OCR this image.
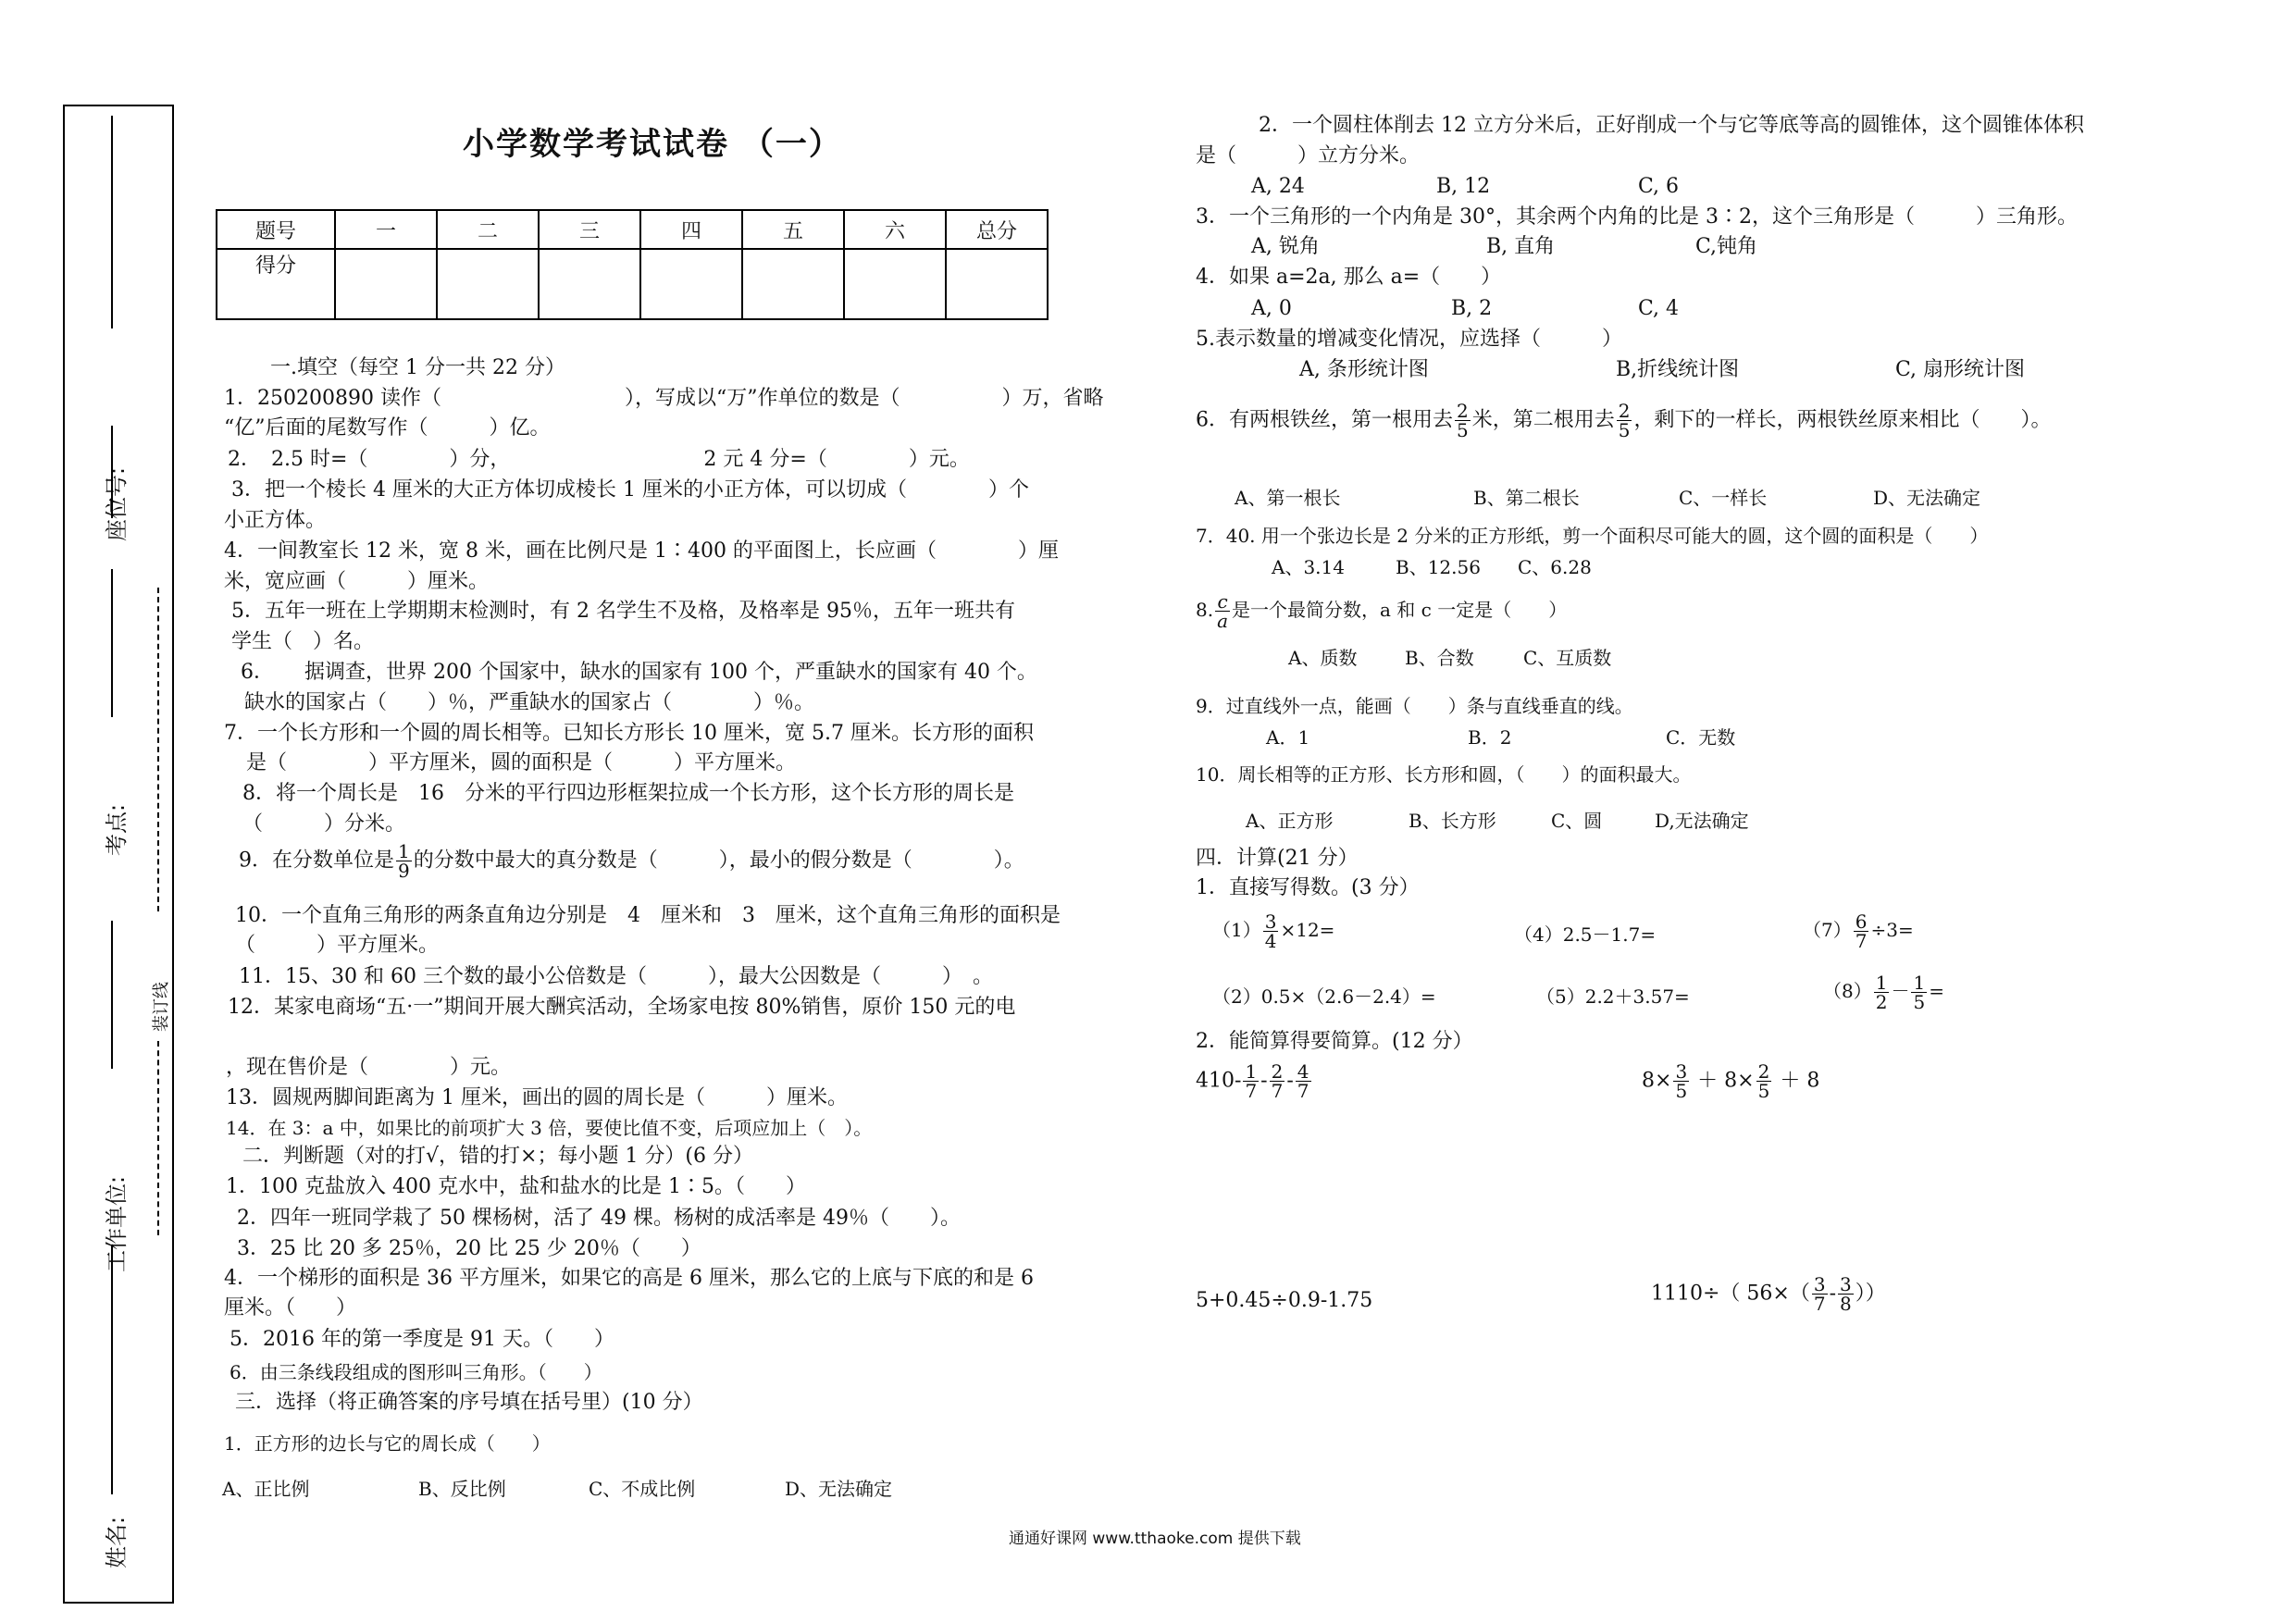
座位号:
考点:
装订线
工作单位:
姓名:
小学数学考试试卷 （一）
题号	一	二	三	四	五	六	总分
得分							
一.填空（每空 1 分一共 22 分）
1．250200890 读作（　　　　　　　　　），写成以“万”作单位的数是（　　　　　）万，省略
“亿”后面的尾数写作（　　　）亿。
2．　2.5 时=（　　　　）分，　　　　　　　　　　2 元 4 分=（　　　　）元。
3．把一个棱长 4 厘米的大正方体切成棱长 1 厘米的小正方体，可以切成（　　　　）个
小正方体。
4．一间教室长 12 米，宽 8 米，画在比例尺是 1∶400 的平面图上，长应画（　　　　）厘
米，宽应画（　　　）厘米。
5．五年一班在上学期期末检测时，有 2 名学生不及格，及格率是 95％，五年一班共有
学生（　）名。
6．　　据调查，世界 200 个国家中，缺水的国家有 100 个，严重缺水的国家有 40 个。
缺水的国家占（　　）％，严重缺水的国家占（　　　　）％。
7．一个长方形和一个圆的周长相等。已知长方形长 10 厘米，宽 5.7 厘米。长方形的面积
是（　　　　）平方厘米，圆的面积是（　　　）平方厘米。
8．将一个周长是　16　分米的平行四边形框架拉成一个长方形，这个长方形的周长是
（　　　）分米。
9．在分数单位是 $\frac{1}{9}$ 的分数中最大的真分数是（　　　），最小的假分数是（　　　　）。
10．一个直角三角形的两条直角边分别是　4　厘米和　3　厘米，这个直角三角形的面积是
（　　　）平方厘米。
11．15、30 和 60 三个数的最小公倍数是（　　　），最大公因数是（　　　）　。
12．某家电商场“五·一”期间开展大酬宾活动，全场家电按 80%销售，原价 150 元的电
，现在售价是（　　　　）元。
13．圆规两脚间距离为 1 厘米，画出的圆的周长是（　　　）厘米。
14．在 3：a 中，如果比的前项扩大 3 倍，要使比值不变，后项应加上（　）。
二．判断题（对的打√，错的打×；每小题 1 分）(6 分）
1．100 克盐放入 400 克水中，盐和盐水的比是 1∶5。（　　）
2．四年一班同学栽了 50 棵杨树，活了 49 棵。杨树的成活率是 49％（　　）。
3．25 比 20 多 25％，20 比 25 少 20％（　　）
4．一个梯形的面积是 36 平方厘米，如果它的高是 6 厘米，那么它的上底与下底的和是 6
厘米。（　　）
5．2016 年的第一季度是 91 天。（　　）
6．由三条线段组成的图形叫三角形。（　　）
三．选择（将正确答案的序号填在括号里）(10 分）
1．正方形的边长与它的周长成（　　）
A、正比例	B、反比例	C、不成比例	D、无法确定
2．一个圆柱体削去 12 立方分米后，正好削成一个与它等底等高的圆锥体，这个圆锥体体积
是（　　　）立方分米。
A, 24	B, 12	C, 6
3．一个三角形的一个内角是 30°，其余两个内角的比是 3∶2，这个三角形是（　　　）三角形。
A, 锐角	B, 直角	C,钝角
4．如果 a=2a, 那么 a=（　　）
A, 0	B, 2	C, 4
5.表示数量的增减变化情况，应选择（　　　）
A, 条形统计图	B,折线统计图	C, 扇形统计图
6．有两根铁丝，第一根用去 $\frac{2}{5}$ 米，第二根用去 $\frac{2}{5}$ ，剩下的一样长，两根铁丝原来相比（　　）。
A、第一根长	B、第二根长	C、一样长	D、无法确定
7．40. 用一个张边长是 2 分米的正方形纸，剪一个面积尽可能大的圆，这个圆的面积是（　　）
A、3.14	B、12.56 C、6.28
8. $\frac{c}{a}$ 是一个最简分数，a 和 c 一定是（　　）
A、质数	B、合数	C、互质数
9．过直线外一点，能画（　　）条与直线垂直的线。
A．1	B．2	C．无数
10．周长相等的正方形、长方形和圆，（　　）的面积最大。
A、正方形	B、长方形	C、圆	D,无法确定
四．计算(21 分）
1．直接写得数。(3 分）
$(1) \frac{3}{4} \times 12=$	（4）2.5－1.7=	$(7) \frac{6}{7} \div 3=$
（2）0.5×（2.6－2.4）=	（5）2.2＋3.57=	$(8) \frac{1}{2} - \frac{1}{5}$ =
2．能简算得要简算。(12 分）
$410- \frac{1}{7} - \frac{2}{7} - \frac{4}{7}$	$8\times \frac{3}{5} + 8\times \frac{2}{5} + 8$
5+0.45÷0.9-1.75	1110÷（ $56\times( \frac{3}{7} - \frac{3}{8}$ ））
通通好课网 www.tthaoke.com 提供下载
